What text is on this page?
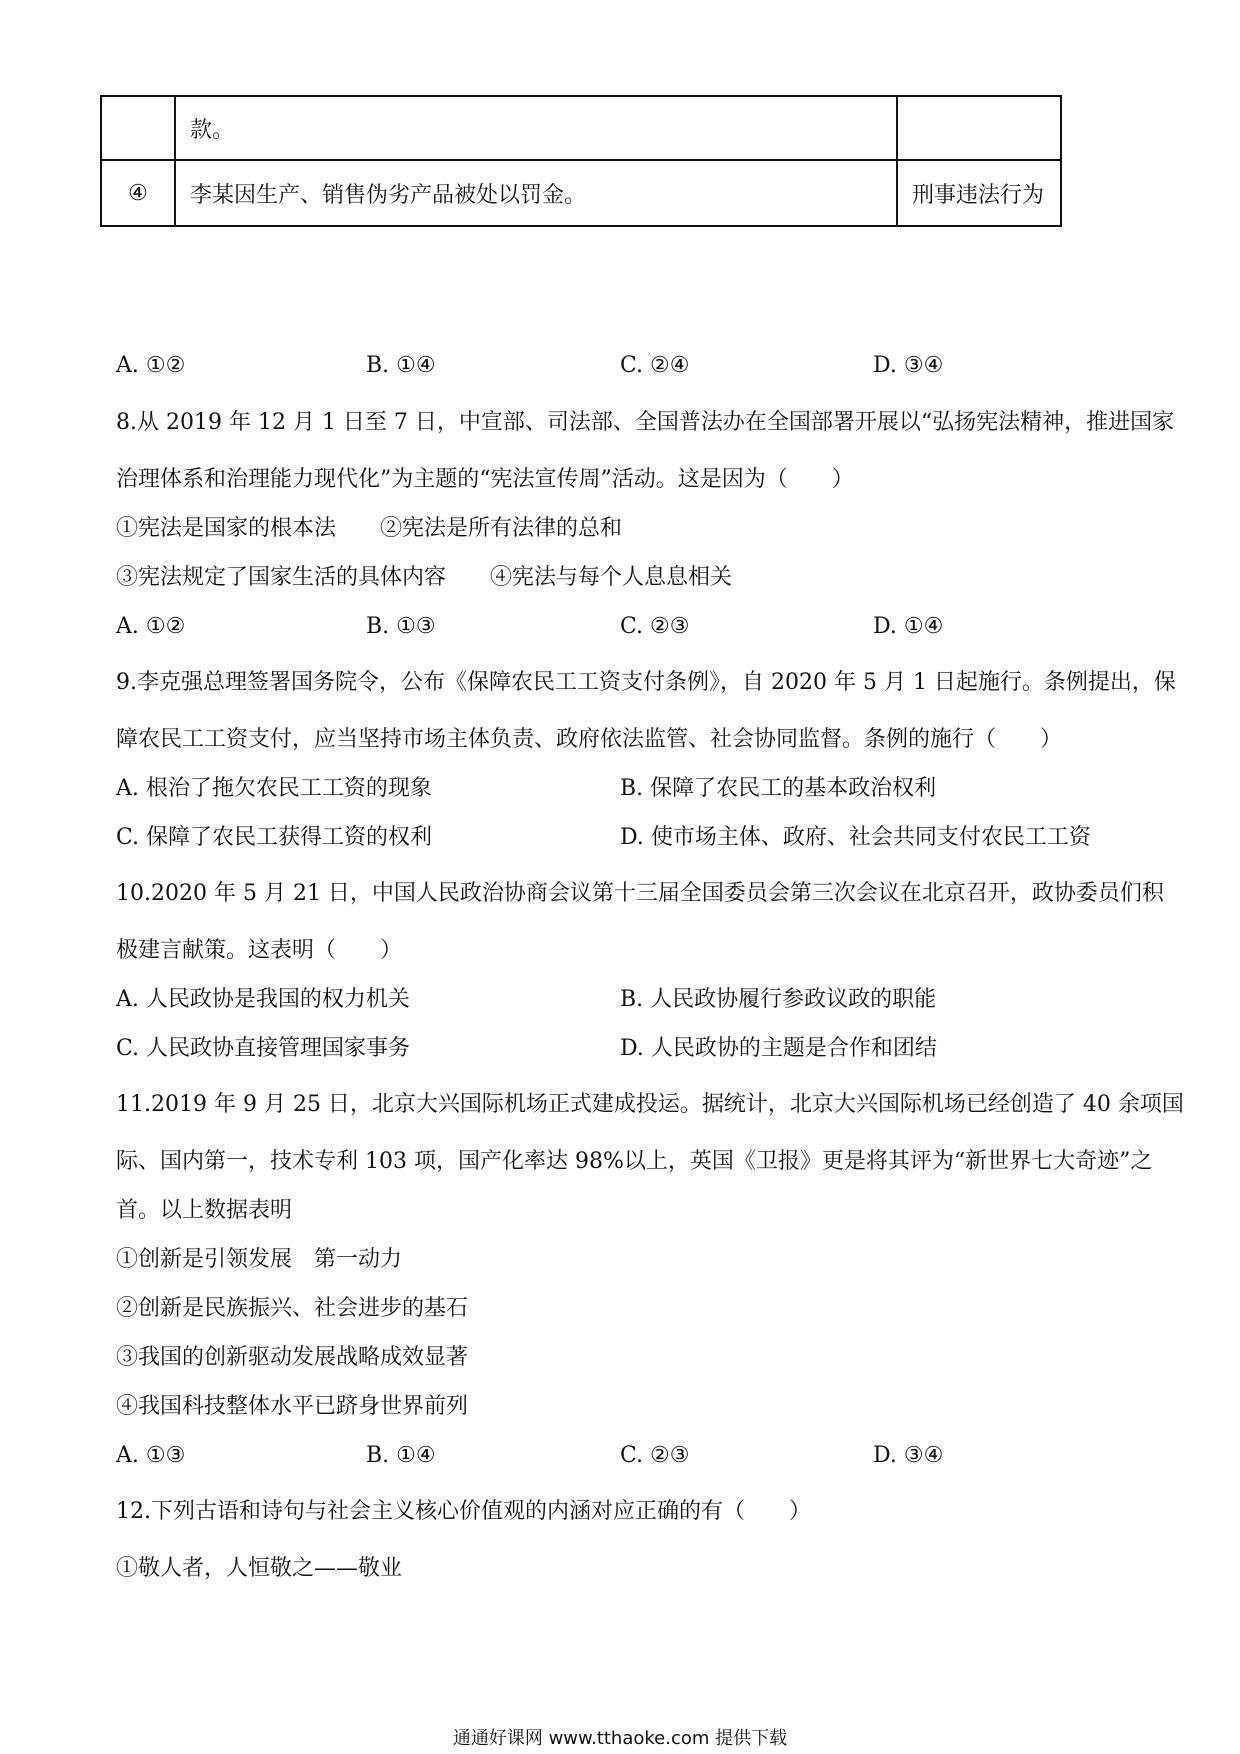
	款。	
④	李某因生产、销售伪劣产品被处以罚金。	刑事违法行为
A. ①②	B. ①④	C. ②④	D. ③④
8.从 2019 年 12 月 1 日至 7 日，中宣部、司法部、全国普法办在全国部署开展以“弘扬宪法精神，推进国家
治理体系和治理能力现代化”为主题的“宪法宣传周”活动。这是因为（　　）
①宪法是国家的根本法　　②宪法是所有法律的总和
③宪法规定了国家生活的具体内容　　④宪法与每个人息息相关
A. ①②	B. ①③	C. ②③	D. ①④
9.李克强总理签署国务院令，公布《保障农民工工资支付条例》，自 2020 年 5 月 1 日起施行。条例提出，保
障农民工工资支付，应当坚持市场主体负责、政府依法监管、社会协同监督。条例的施行（　　）
A. 根治了拖欠农民工工资的现象	B. 保障了农民工的基本政治权利
C. 保障了农民工获得工资的权利	D. 使市场主体、政府、社会共同支付农民工工资
10.2020 年 5 月 21 日，中国人民政治协商会议第十三届全国委员会第三次会议在北京召开，政协委员们积
极建言献策。这表明（　　）
A. 人民政协是我国的权力机关	B. 人民政协履行参政议政的职能
C. 人民政协直接管理国家事务	D. 人民政协的主题是合作和团结
11.2019 年 9 月 25 日，北京大兴国际机场正式建成投运。据统计，北京大兴国际机场已经创造了 40 余项国
际、国内第一，技术专利 103 项，国产化率达 98%以上，英国《卫报》更是将其评为“新世界七大奇迹”之
首。以上数据表明
①创新是引领发展　第一动力
②创新是民族振兴、社会进步的基石
③我国的创新驱动发展战略成效显著
④我国科技整体水平已跻身世界前列
A. ①③	B. ①④	C. ②③	D. ③④
12.下列古语和诗句与社会主义核心价值观的内涵对应正确的有（　　）
①敬人者，人恒敬之——敬业
通通好课网 www.tthaoke.com 提供下载
